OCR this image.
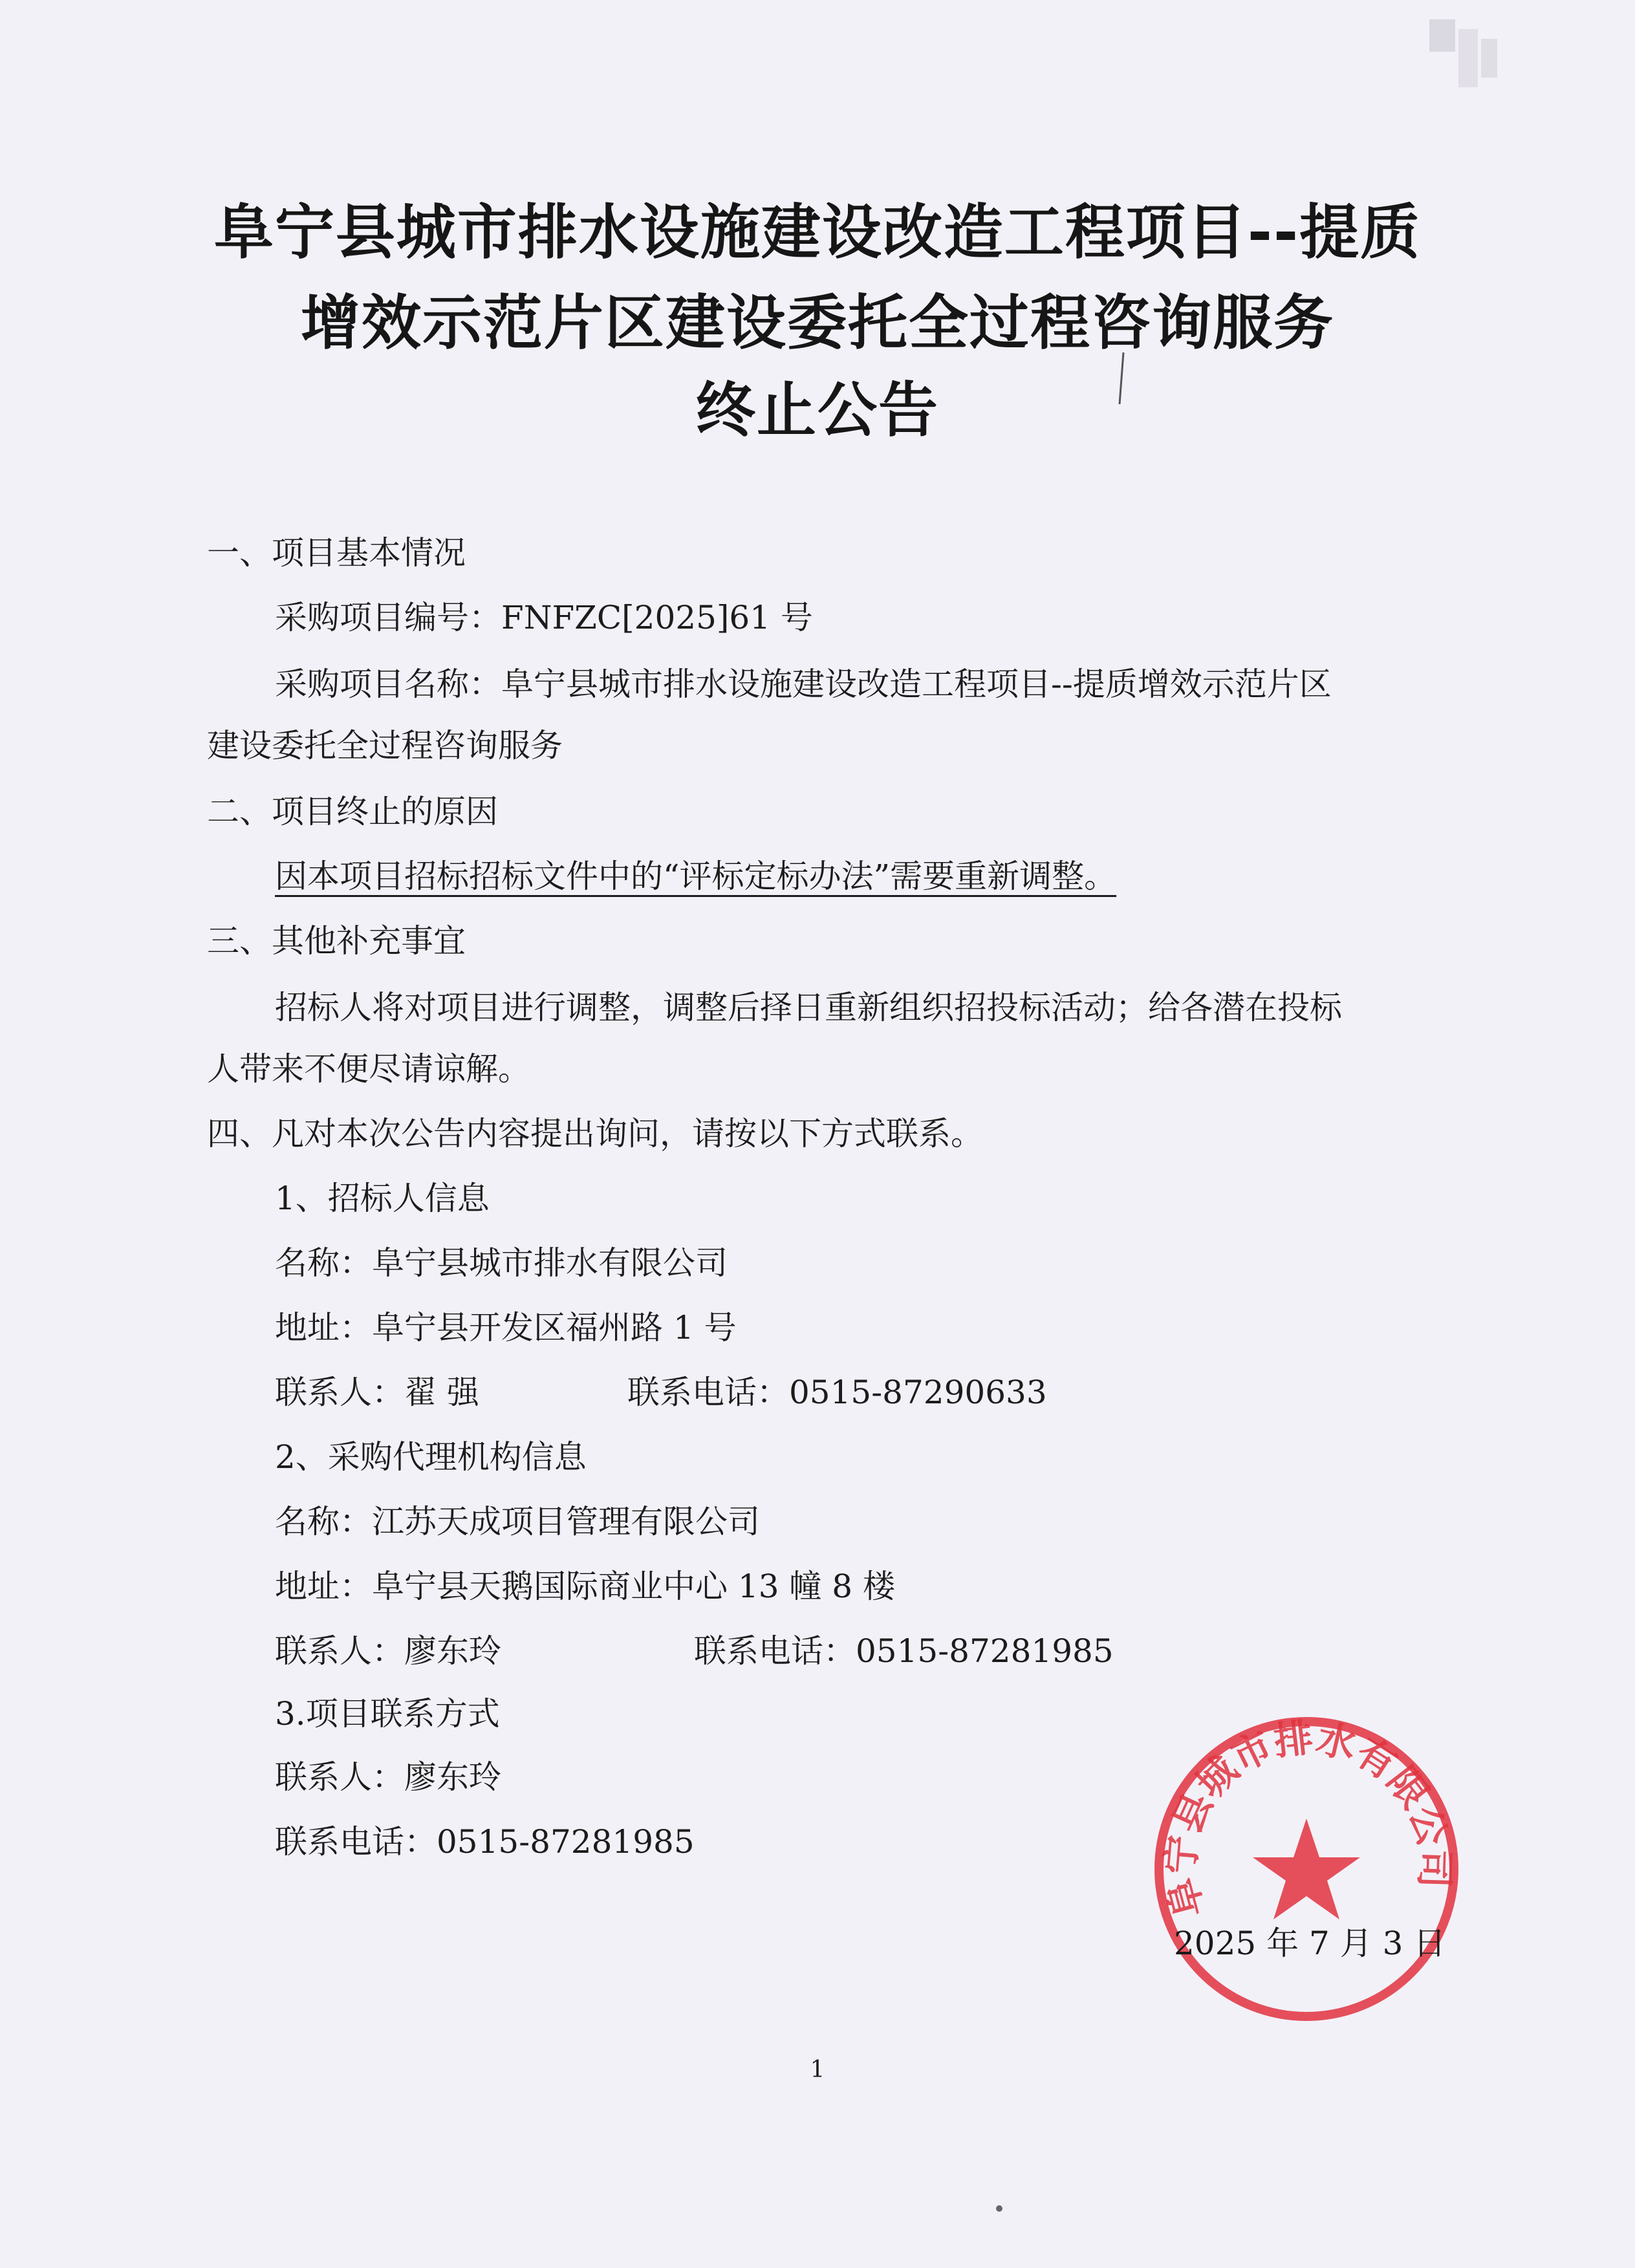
阜宁县城市排水设施建设改造工程项目--提质
增效示范片区建设委托全过程咨询服务
终止公告
一、项目基本情况
采购项目编号：FNFZC[2025]61 号
采购项目名称：阜宁县城市排水设施建设改造工程项目--提质增效示范片区
建设委托全过程咨询服务
二、项目终止的原因
因本项目招标招标文件中的“评标定标办法”需要重新调整。
三、其他补充事宜
招标人将对项目进行调整，调整后择日重新组织招投标活动；给各潜在投标
人带来不便尽请谅解。
四、凡对本次公告内容提出询问，请按以下方式联系。
1、招标人信息
名称：阜宁县城市排水有限公司
地址：阜宁县开发区福州路 1 号
联系人：翟 强	联系电话：0515-87290633
2、采购代理机构信息
名称：江苏天成项目管理有限公司
地址：阜宁县天鹅国际商业中心 13 幢 8 楼
联系人：廖东玲	联系电话：0515-87281985
3.项目联系方式
联系人：廖东玲
联系电话：0515-87281985
阜宁县城市排水有限公司
2025 年 7 月 3 日
1
